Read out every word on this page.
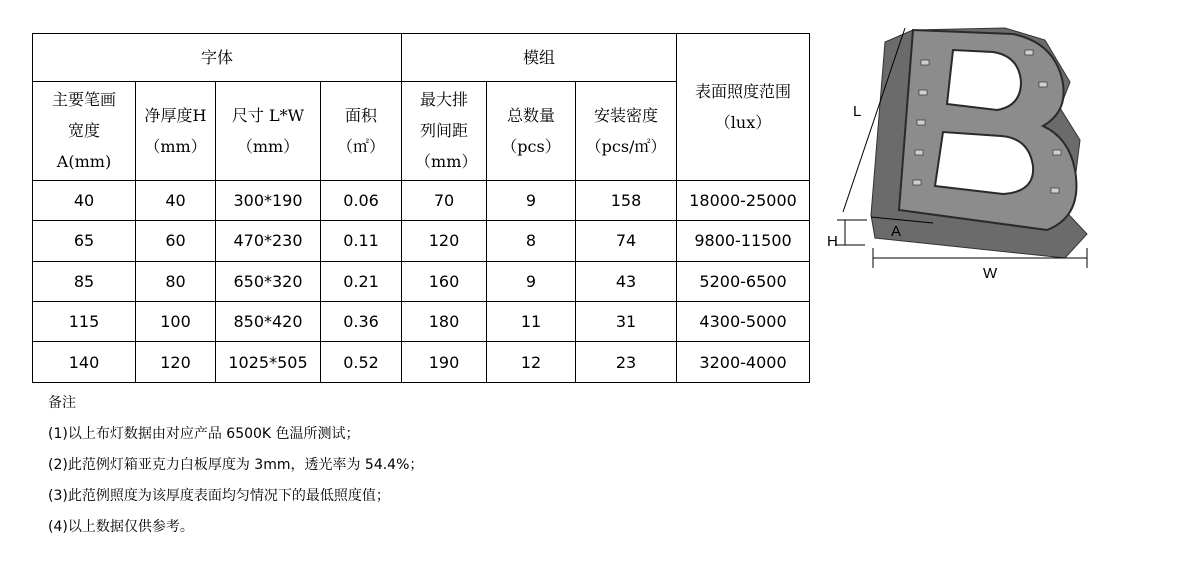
字体				模组			表面照度范围（lux）

主要笔画宽度A(mm)	净厚度H（mm）	尺寸 L*W（mm）	面积（㎡）	最大排列间距（mm）	总数量（pcs）	安装密度（pcs/㎡）	

40	40	300*190	0.06	70	9	158	18000-25000
65	60	470*230	0.11	120	8	74	9800-11500
85	80	650*320	0.21	160	9	43	5200-6500
115	100	850*420	0.36	180	11	31	4300-5000
140	120	1025*505	0.52	190	12	23	3200-4000
备注
(1)以上布灯数据由对应产品 6500K 色温所测试；
(2)此范例灯箱亚克力白板厚度为 3mm，透光率为 54.4%；
(3)此范例照度为该厚度表面均匀情况下的最低照度值；
(4)以上数据仅供参考。
L
H
A
W
